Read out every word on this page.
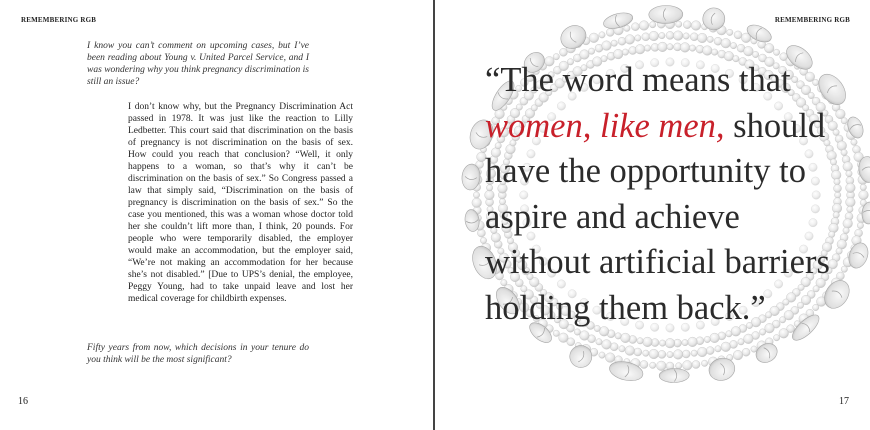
REMEMBERING RGB

I know you can’t comment on upcoming cases, but I’ve been reading about Young v. United Parcel Service, and I was wondering why you think pregnancy discrimination is still an issue?

I don’t know why, but the Pregnancy Discrimination Act passed in 1978. It was just like the reaction to Lilly Ledbetter. This court said that discrimination on the basis of pregnancy is not discrimination on the basis of sex. How could you reach that conclusion? “Well, it only happens to a woman, so that’s why it can’t be discrimination on the basis of sex.” So Congress passed a law that simply said, “Discrimination on the basis of pregnancy is discrimination on the basis of sex.” So the case you mentioned, this was a woman whose doctor told her she couldn’t lift more than, I think, 20 pounds. For people who were temporarily disabled, the employer would make an accommodation, but the employer said, “We’re not making an accommodation for her because she’s not disabled.” [Due to UPS’s denial, the employee, Peggy Young, had to take unpaid leave and lost her medical coverage for childbirth expenses.

Fifty years from now, which decisions in your tenure do you think will be the most significant?

16
REMEMBERING RGB
“The word means that women, like men, should have the opportunity to aspire and achieve without artificial barriers holding them back.”
17
